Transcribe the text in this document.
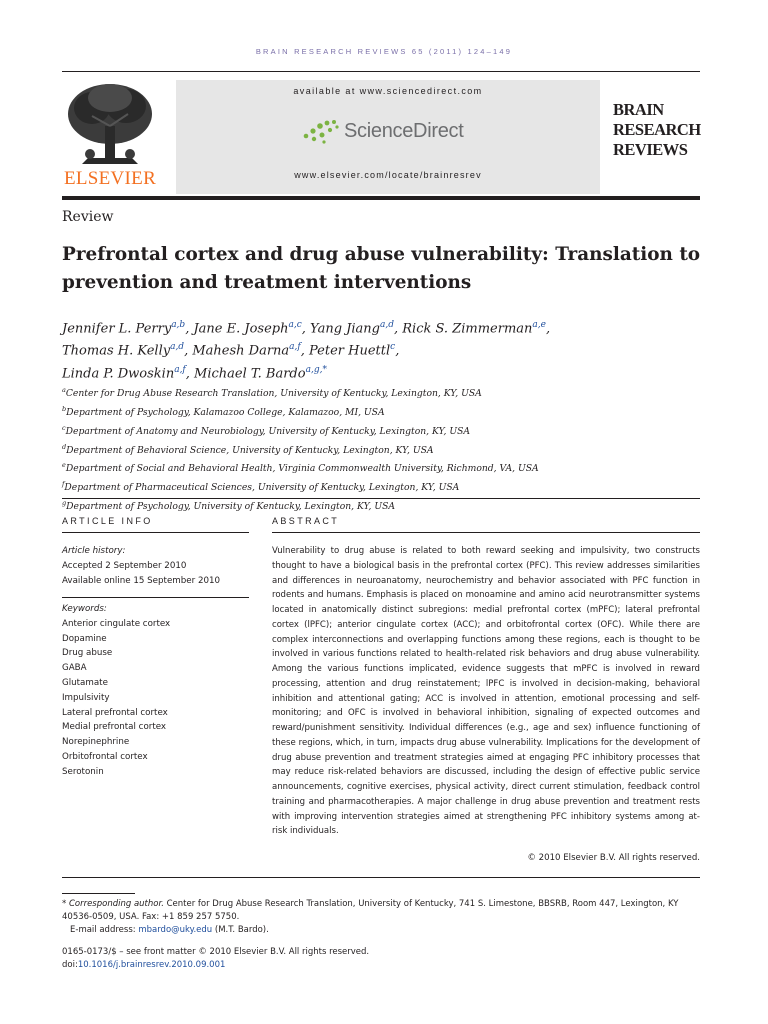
BRAIN RESEARCH REVIEWS 65 (2011) 124–149
ELSEVIER
available at www.sciencedirect.com
ScienceDirect
www.elsevier.com/locate/brainresrev
BRAIN
RESEARCH
REVIEWS
Review
Prefrontal cortex and drug abuse vulnerability: Translation to prevention and treatment interventions
Jennifer L. Perry$^{a,b}$, Jane E. Joseph$^{a,c}$, Yang Jiang$^{a,d}$, Rick S. Zimmerman$^{a,e}$,
Thomas H. Kelly$^{a,d}$, Mahesh Darna$^{a,f}$, Peter Huettl$^c$,
Linda P. Dwoskin$^{a,f}$, Michael T. Bardo$^{a,g,*}$
$^a$Center for Drug Abuse Research Translation, University of Kentucky, Lexington, KY, USA
$^b$Department of Psychology, Kalamazoo College, Kalamazoo, MI, USA
$^c$Department of Anatomy and Neurobiology, University of Kentucky, Lexington, KY, USA
$^d$Department of Behavioral Science, University of Kentucky, Lexington, KY, USA
$^e$Department of Social and Behavioral Health, Virginia Commonwealth University, Richmond, VA, USA
$^f$Department of Pharmaceutical Sciences, University of Kentucky, Lexington, KY, USA
$^g$Department of Psychology, University of Kentucky, Lexington, KY, USA
ARTICLE INFO	ABSTRACT
Article history:
Accepted 2 September 2010
Available online 15 September 2010
Keywords:
Anterior cingulate cortex
Dopamine
Drug abuse
GABA
Glutamate
Impulsivity
Lateral prefrontal cortex
Medial prefrontal cortex
Norepinephrine
Orbitofrontal cortex
Serotonin
Vulnerability to drug abuse is related to both reward seeking and impulsivity, two constructs thought to have a biological basis in the prefrontal cortex (PFC). This review addresses similarities and differences in neuroanatomy, neurochemistry and behavior associated with PFC function in rodents and humans. Emphasis is placed on monoamine and amino acid neurotransmitter systems located in anatomically distinct subregions: medial prefrontal cortex (mPFC); lateral prefrontal cortex (lPFC); anterior cingulate cortex (ACC); and orbitofrontal cortex (OFC). While there are complex interconnections and overlapping functions among these regions, each is thought to be involved in various functions related to health-related risk behaviors and drug abuse vulnerability. Among the various functions implicated, evidence suggests that mPFC is involved in reward processing, attention and drug reinstatement; lPFC is involved in decision-making, behavioral inhibition and attentional gating; ACC is involved in attention, emotional processing and self-monitoring; and OFC is involved in behavioral inhibition, signaling of expected outcomes and reward/punishment sensitivity. Individual differences (e.g., age and sex) influence functioning of these regions, which, in turn, impacts drug abuse vulnerability. Implications for the development of drug abuse prevention and treatment strategies aimed at engaging PFC inhibitory processes that may reduce risk-related behaviors are discussed, including the design of effective public service announcements, cognitive exercises, physical activity, direct current stimulation, feedback control training and pharmacotherapies. A major challenge in drug abuse prevention and treatment rests with improving intervention strategies aimed at strengthening PFC inhibitory systems among at-risk individuals.
© 2010 Elsevier B.V. All rights reserved.
* Corresponding author. Center for Drug Abuse Research Translation, University of Kentucky, 741 S. Limestone, BBSRB, Room 447, Lexington, KY 40536-0509, USA. Fax: +1 859 257 5750.
E-mail address: mbardo@uky.edu (M.T. Bardo).
0165-0173/$ – see front matter © 2010 Elsevier B.V. All rights reserved.
doi:10.1016/j.brainresrev.2010.09.001
